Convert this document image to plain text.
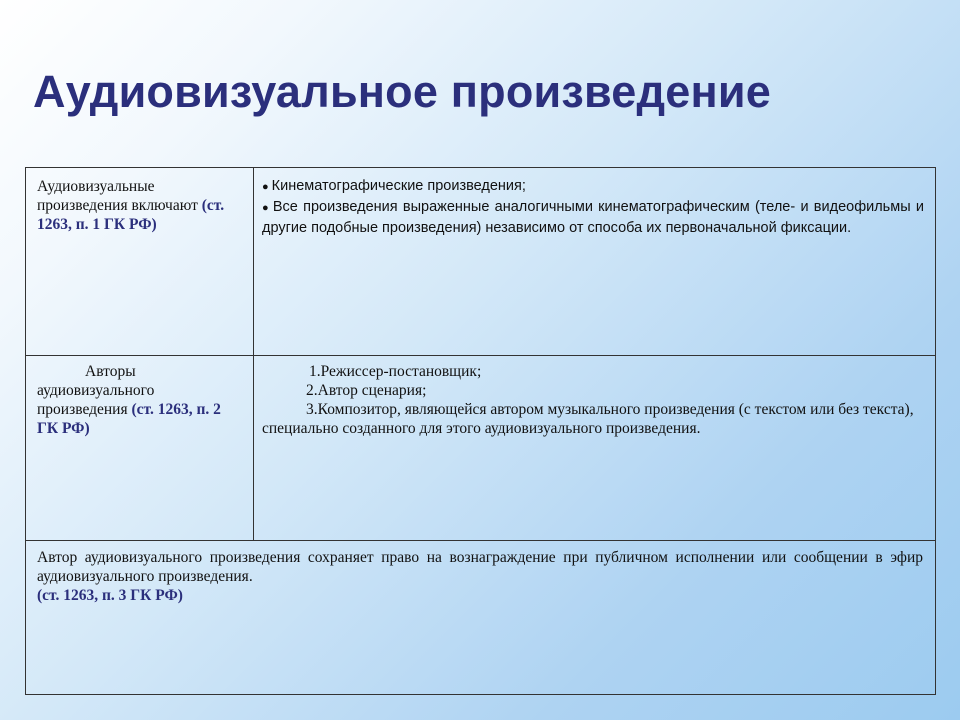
Аудиовизуальное произведение
Аудиовизуальные произведения включают (ст. 1263, п. 1 ГК РФ)
● Кинематографические произведения;
● Все произведения выраженные аналогичными кинематографическим (теле- и видеофильмы и другие подобные произведения) независимо от способа их первоначальной фиксации.
Авторы аудиовизуального произведения (ст. 1263, п. 2 ГК РФ)
1.Режиссер-постановщик;
2.Автор сценария;
3.Композитор, являющейся автором музыкального произведения (с текстом или без текста), специально созданного для этого аудиовизуального произведения.
Автор аудиовизуального произведения сохраняет право на вознаграждение при публичном исполнении или сообщении в эфир аудиовизуального произведения.
(ст. 1263, п. 3 ГК РФ)
